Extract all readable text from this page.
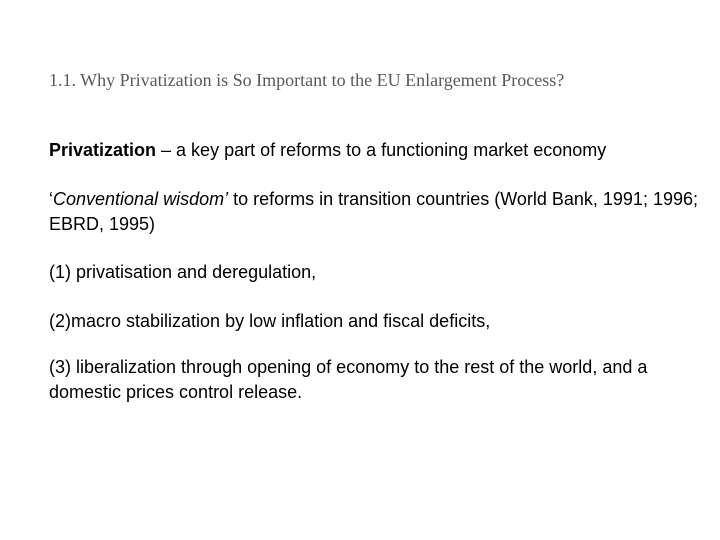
1.1. Why Privatization is So Important to the EU Enlargement Process?
Privatization – a key part of reforms to a functioning market economy
‘Conventional wisdom’ to reforms in transition countries (World Bank, 1991; 1996; EBRD, 1995)
(1) privatisation and deregulation,
(2)macro stabilization by low inflation and fiscal deficits,
(3) liberalization through opening of economy to the rest of the world, and a domestic prices control release.
